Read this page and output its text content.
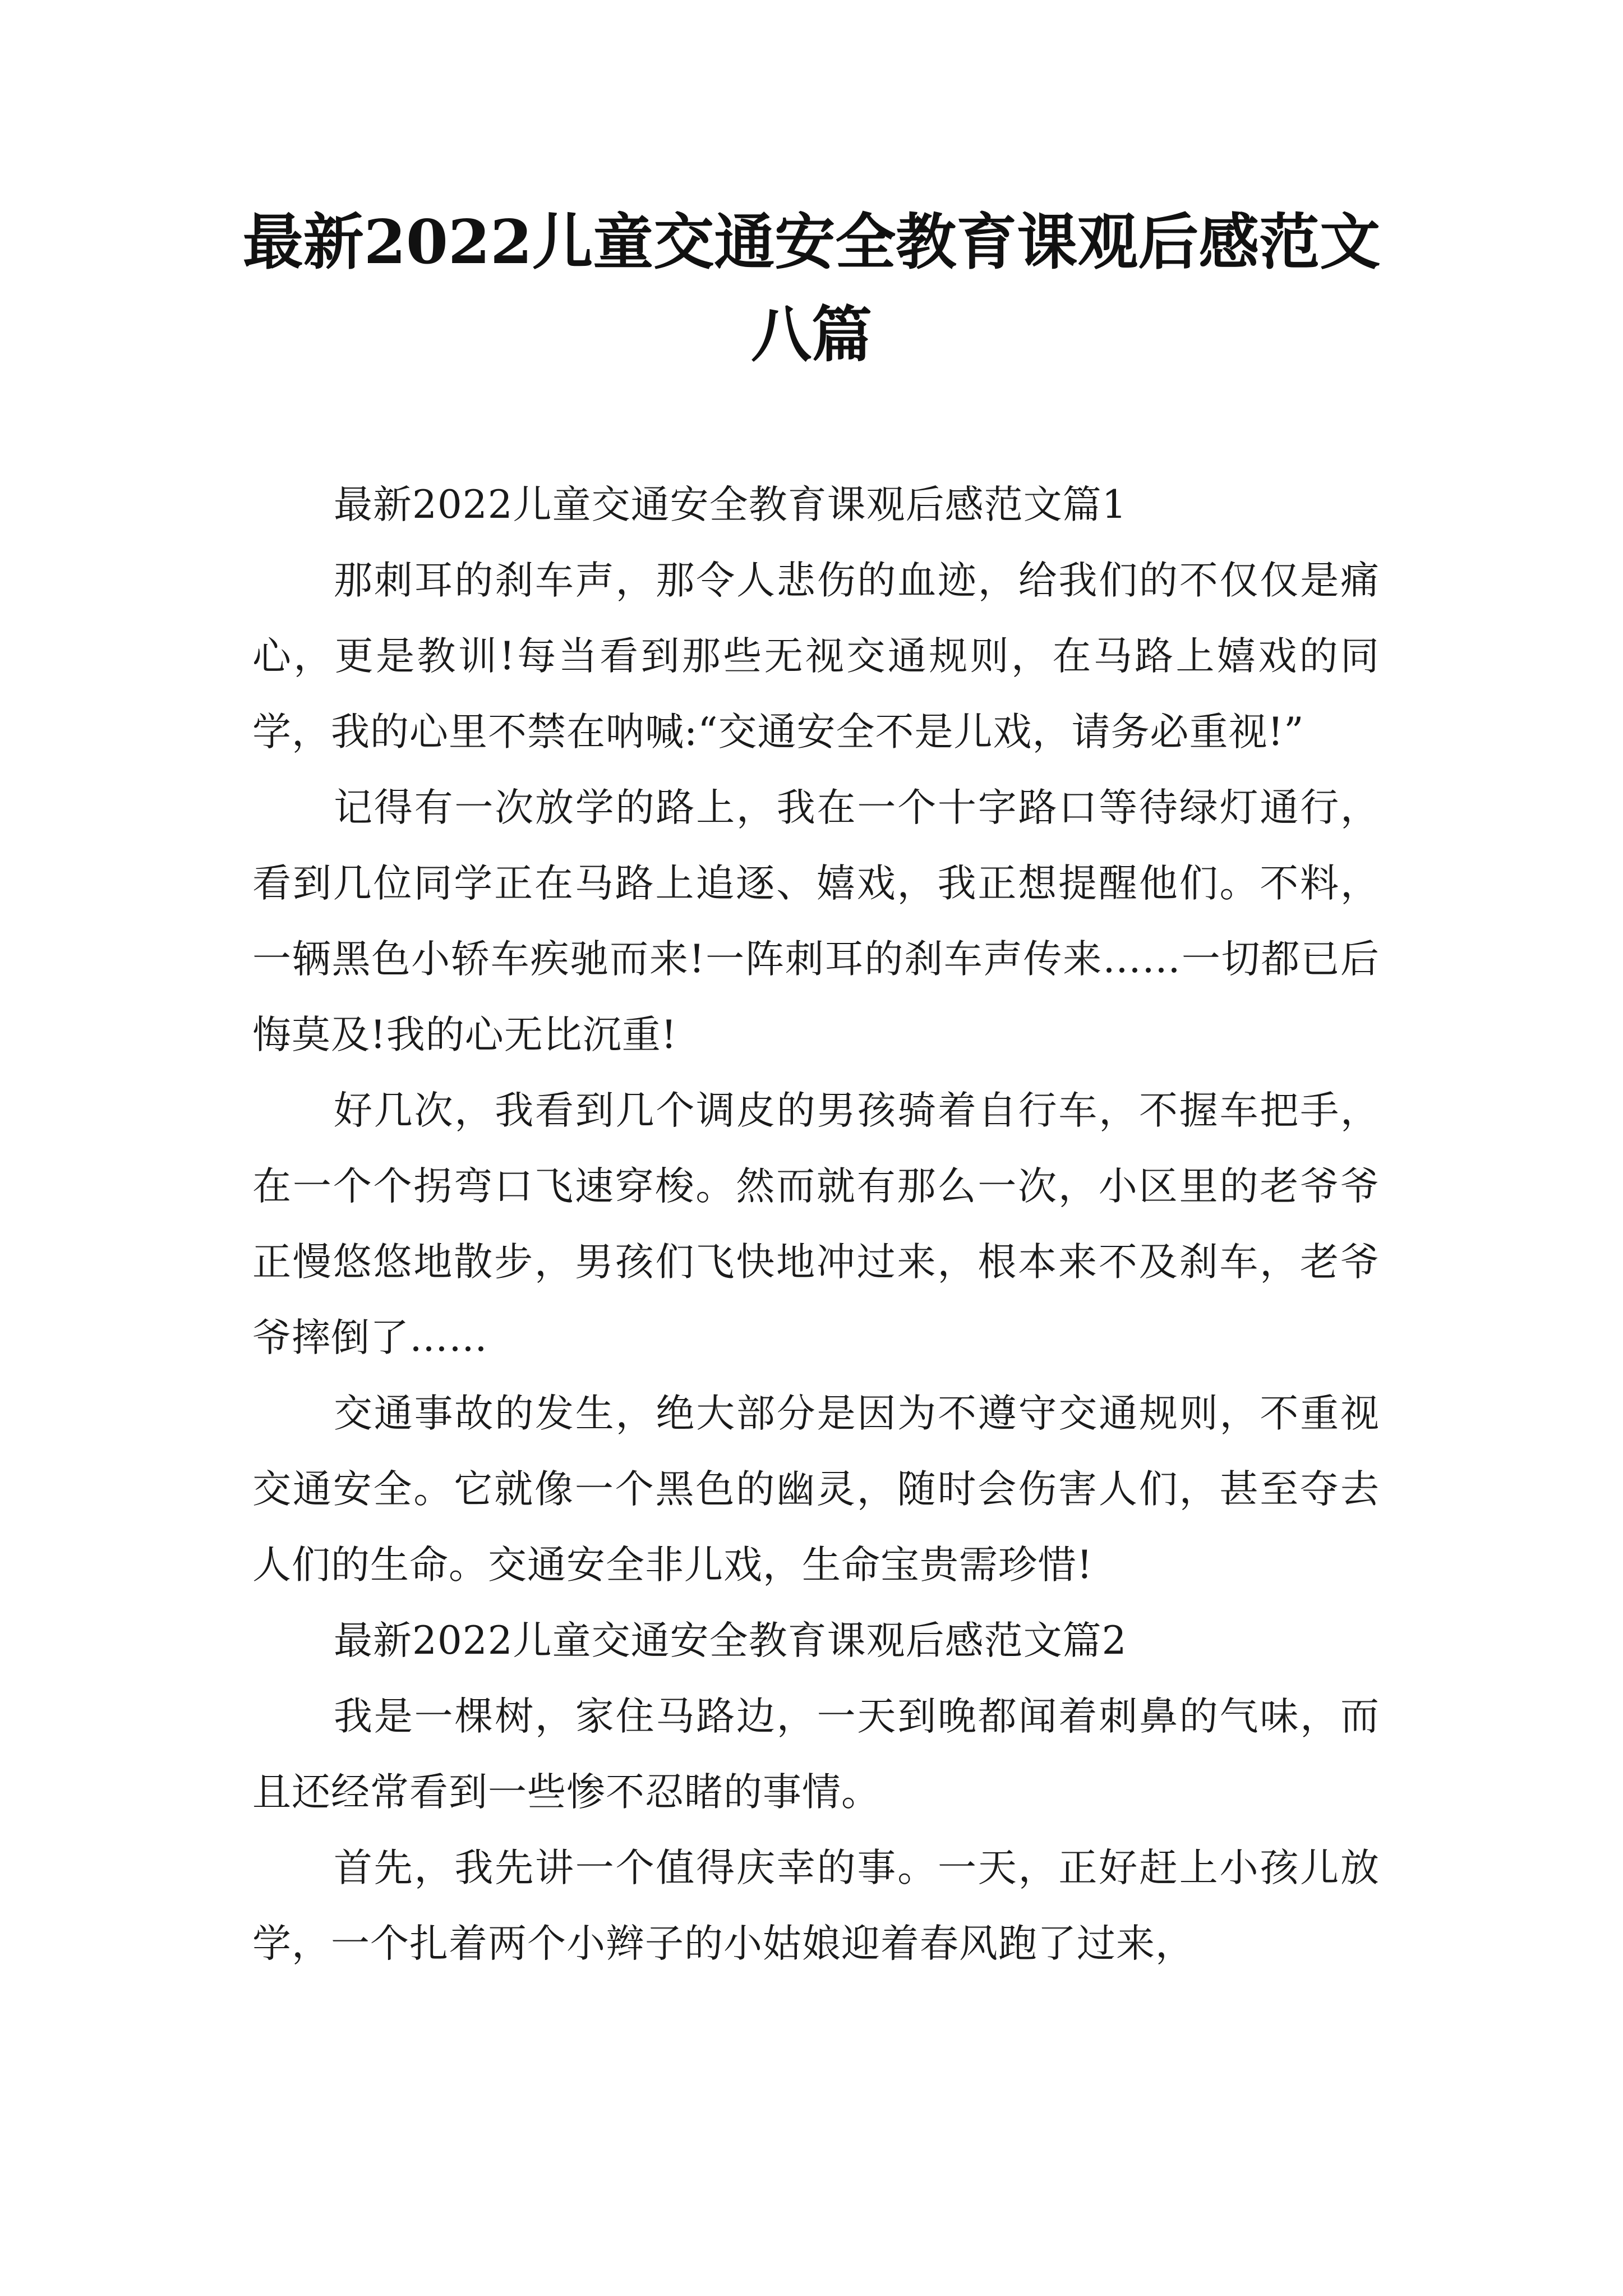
最新2022儿童交通安全教育课观后感范文八篇

最新2022儿童交通安全教育课观后感范文篇1

那刺耳的刹车声，那令人悲伤的血迹，给我们的不仅仅是痛心，更是教训!每当看到那些无视交通规则，在马路上嬉戏的同学，我的心里不禁在呐喊:“交通安全不是儿戏，请务必重视!”

记得有一次放学的路上，我在一个十字路口等待绿灯通行，看到几位同学正在马路上追逐、嬉戏，我正想提醒他们。不料，一辆黑色小轿车疾驰而来!一阵刺耳的刹车声传来……一切都已后悔莫及!我的心无比沉重!

好几次，我看到几个调皮的男孩骑着自行车，不握车把手，在一个个拐弯口飞速穿梭。然而就有那么一次，小区里的老爷爷正慢悠悠地散步，男孩们飞快地冲过来，根本来不及刹车，老爷爷摔倒了……

交通事故的发生，绝大部分是因为不遵守交通规则，不重视交通安全。它就像一个黑色的幽灵，随时会伤害人们，甚至夺去人们的生命。交通安全非儿戏，生命宝贵需珍惜!

最新2022儿童交通安全教育课观后感范文篇2

我是一棵树，家住马路边，一天到晚都闻着刺鼻的气味，而且还经常看到一些惨不忍睹的事情。

首先，我先讲一个值得庆幸的事。一天，正好赶上小孩儿放学，一个扎着两个小辫子的小姑娘迎着春风跑了过来，
